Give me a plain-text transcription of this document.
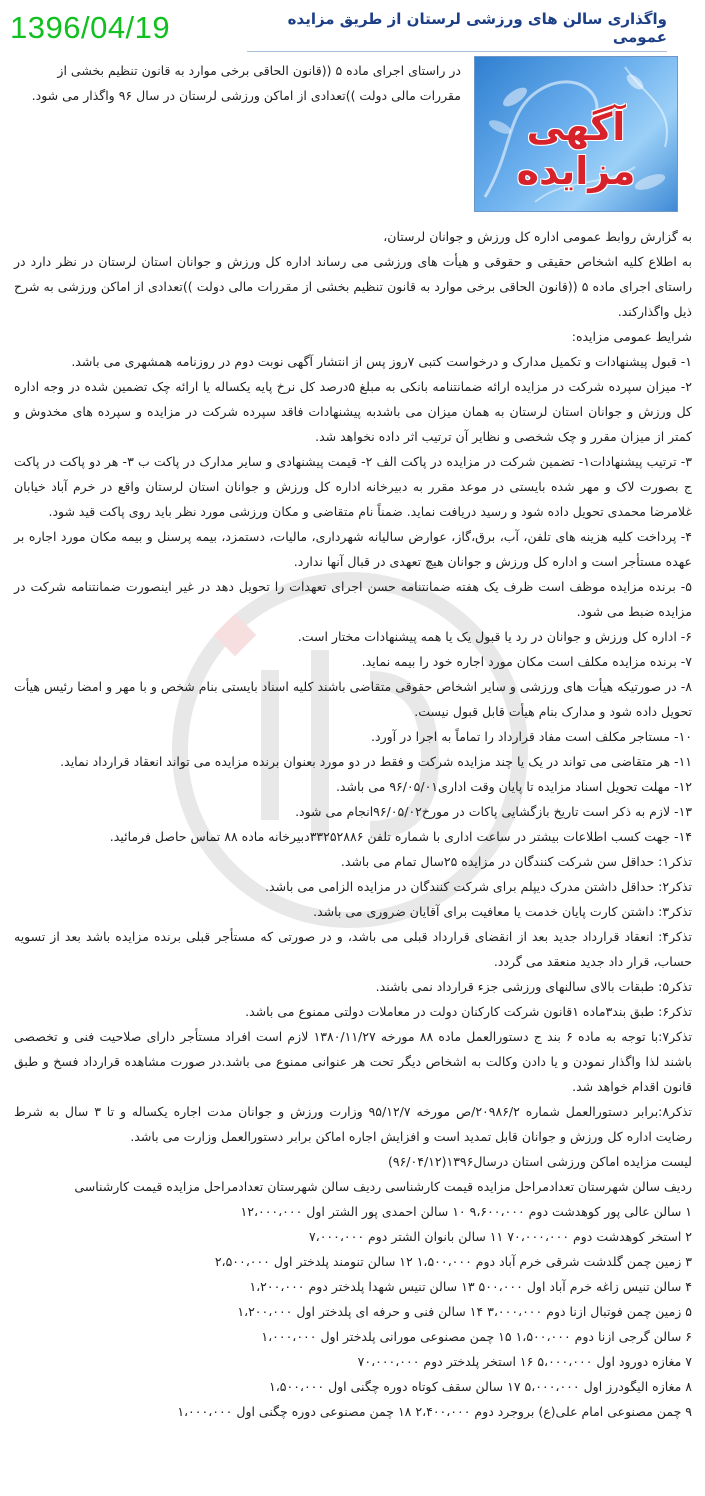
1396/04/19	واگذاری سالن های ورزشی لرستان از طریق مزایده عمومی
آگهی مزایده
در راستای اجرای ماده ۵ ((قانون الحاقی برخی موارد به قانون تنظیم بخشی از مقررات مالی دولت ))تعدادی از اماکن ورزشی لرستان در سال ۹۶ واگذار می شود.

به گزارش روابط عمومی اداره کل ورزش و جوانان لرستان،

به اطلاع کلیه اشخاص حقیقی و حقوقی و هیأت های ورزشی می رساند اداره کل ورزش و جوانان استان لرستان در نظر دارد در راستای اجرای ماده ۵ ((قانون الحاقی برخی موارد به قانون تنظیم بخشی از مقررات مالی دولت ))تعدادی از اماکن ورزشی به شرح ذیل واگذارکند.

شرایط عمومی مزایده:

۱- قبول پیشنهادات و تکمیل مدارک و درخواست کتبی ۷روز پس از انتشار آگهی نوبت دوم در روزنامه همشهری می باشد.

۲- میزان سپرده شرکت در مزایده ارائه ضمانتنامه بانکی به مبلغ ۵درصد کل نرخ پایه یکساله یا ارائه چک تضمین شده در وجه اداره کل ورزش و جوانان استان لرستان به همان میزان می باشدبه پیشنهادات فاقد سپرده شرکت در مزایده و سپرده های مخدوش و کمتر از میزان مقرر و چک شخصی و نظایر آن ترتیب اثر داده نخواهد شد.

۳- ترتیب پیشنهادات۱- تضمین شرکت در مزایده در پاکت الف ۲- قیمت پیشنهادی و سایر مدارک در پاکت ب ۳- هر دو پاکت در پاکت ج بصورت لاک و مهر شده بایستی در موعد مقرر به دبیرخانه اداره کل ورزش و جوانان استان لرستان واقع در خرم آباد خیابان غلامرضا محمدی تحویل داده شود و رسید دریافت نماید. ضمناً نام متقاضی و مکان ورزشی مورد نظر باید روی پاکت قید شود.

۴- پرداخت کلیه هزینه های تلفن، آب، برق،گاز، عوارض سالیانه شهرداری، مالیات، دستمزد، بیمه پرسنل و بیمه مکان مورد اجاره بر عهده مستأجر است و اداره کل ورزش و جوانان هیچ تعهدی در قبال آنها ندارد.

۵- برنده مزایده موظف است ظرف یک هفته ضمانتنامه حسن اجرای تعهدات را تحویل دهد در غیر اینصورت ضمانتنامه شرکت در مزایده ضبط می شود.

۶- اداره کل ورزش و جوانان در رد یا قبول یک یا همه پیشنهادات مختار است.

۷- برنده مزایده مکلف است مکان مورد اجاره خود را بیمه نماید.

۸- در صورتیکه هیأت های ورزشی و سایر اشخاص حقوقی متقاضی باشند کلیه اسناد بایستی بنام شخص و با مهر و امضا رئیس هیأت تحویل داده شود و مدارک بنام هیأت قابل قبول نیست.

۱۰- مستاجر مکلف است مفاد قرارداد را تماماً به اجرا در آورد.

۱۱- هر متقاضی می تواند در یک یا چند مزایده شرکت و فقط در دو مورد بعنوان برنده مزایده می تواند انعقاد قرارداد نماید.

۱۲- مهلت تحویل اسناد مزایده تا پایان وقت اداری۹۶/۰۵/۰۱ می باشد.

۱۳- لازم به ذکر است تاریخ بازگشایی پاکات در مورخ۹۶/۰۵/۰۲انجام می شود.

۱۴- جهت کسب اطلاعات بیشتر در ساعت اداری با شماره تلفن ۳۳۲۵۲۸۸۶دبیرخانه ماده ۸۸ تماس حاصل فرمائید.

تذکر۱: حداقل سن شرکت کنندگان در مزایده ۲۵سال تمام می باشد.

تذکر۲: حداقل داشتن مدرک دیپلم برای شرکت کنندگان در مزایده الزامی می باشد.

تذکر۳: داشتن کارت پایان خدمت یا معافیت برای آقایان ضروری می باشد.

تذکر۴: انعقاد قرارداد جدید بعد از انقضای قرارداد قبلی می باشد، و در صورتی که مستأجر قبلی برنده مزایده باشد بعد از تسویه حساب، قرار داد جدید منعقد می گردد.

تذکر۵: طبقات بالای سالنهای ورزشی جزء قرارداد نمی باشند.

تذکر۶: طبق بند۳ماده ۱قانون شرکت کارکنان دولت در معاملات دولتی ممنوع می باشد.

تذکر۷:با توجه به ماده ۶ بند ج دستورالعمل ماده ۸۸ مورخه ۱۳۸۰/۱۱/۲۷ لازم است افراد مستأجر دارای صلاحیت فنی و تخصصی باشند لذا واگذار نمودن و یا دادن وکالت به اشخاص دیگر تحت هر عنوانی ممنوع می باشد.در صورت مشاهده قرارداد فسخ و طبق قانون اقدام خواهد شد.

تذکر۸:برابر دستورالعمل شماره ۲۰۹۸۶/۲/ص مورخه ۹۵/۱۲/۷ وزارت ورزش و جوانان مدت اجاره یکساله و تا ۳ سال به شرط رضایت اداره کل ورزش و جوانان قابل تمدید است و افزایش اجاره اماکن برابر دستورالعمل وزارت می باشد.

لیست مزایده اماکن ورزشی استان درسال۱۳۹۶(۹۶/۰۴/۱۲)

ردیف سالن شهرستان تعدادمراحل مزایده قیمت کارشناسی ردیف سالن شهرستان تعدادمراحل مزایده قیمت کارشناسی

۱ سالن عالی پور کوهدشت دوم ۹،۶۰۰،۰۰۰ ۱۰ سالن احمدی پور الشتر اول ۱۲،۰۰۰،۰۰۰

۲ استخر کوهدشت دوم ۷۰،۰۰۰،۰۰۰ ۱۱ سالن بانوان الشتر دوم ۷،۰۰۰،۰۰۰

۳ زمین چمن گلدشت شرقی خرم آباد دوم ۱،۵۰۰،۰۰۰ ۱۲ سالن تنومند پلدختر اول ۲،۵۰۰،۰۰۰

۴ سالن تنیس زاغه خرم آباد اول ۵۰۰،۰۰۰ ۱۳ سالن تنیس شهدا پلدختر دوم ۱،۲۰۰،۰۰۰

۵ زمین چمن فوتبال ازنا دوم ۳،۰۰۰،۰۰۰ ۱۴ سالن فنی و حرفه ای پلدختر اول ۱،۲۰۰،۰۰۰

۶ سالن گرجی ازنا دوم ۱،۵۰۰،۰۰۰ ۱۵ چمن مصنوعی مورانی پلدختر اول ۱،۰۰۰،۰۰۰

۷ مغازه دورود اول ۵،۰۰۰،۰۰۰ ۱۶ استخر پلدختر دوم ۷۰،۰۰۰،۰۰۰

۸ مغازه الیگودرز اول ۵،۰۰۰،۰۰۰ ۱۷ سالن سقف کوتاه دوره چگنی اول ۱،۵۰۰،۰۰۰

۹ چمن مصنوعی امام علی(ع) بروجرد دوم ۲،۴۰۰،۰۰۰ ۱۸ چمن مصنوعی دوره چگنی اول ۱،۰۰۰،۰۰۰
